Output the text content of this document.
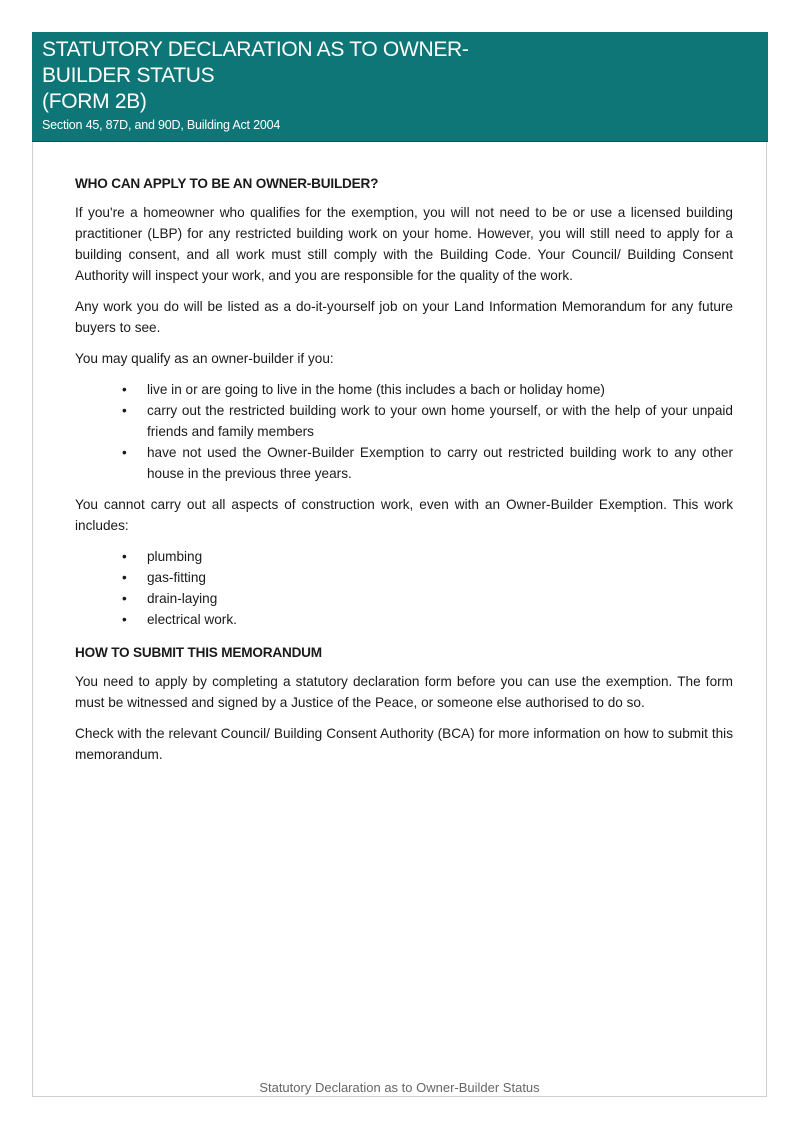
STATUTORY DECLARATION AS TO OWNER-
BUILDER STATUS
(FORM 2B)
Section 45, 87D, and 90D, Building Act 2004
WHO CAN APPLY TO BE AN OWNER-BUILDER?

If you're a homeowner who qualifies for the exemption, you will not need to be or use a licensed building practitioner (LBP) for any restricted building work on your home. However, you will still need to apply for a building consent, and all work must still comply with the Building Code. Your Council/ Building Consent Authority will inspect your work, and you are responsible for the quality of the work.

Any work you do will be listed as a do-it-yourself job on your Land Information Memorandum for any future buyers to see.

You may qualify as an owner-builder if you:

• live in or are going to live in the home (this includes a bach or holiday home)
• carry out the restricted building work to your own home yourself, or with the help of your unpaid friends and family members
• have not used the Owner-Builder Exemption to carry out restricted building work to any other house in the previous three years.

You cannot carry out all aspects of construction work, even with an Owner-Builder Exemption. This work includes:

• plumbing
• gas-fitting
• drain-laying
• electrical work.
HOW TO SUBMIT THIS MEMORANDUM

You need to apply by completing a statutory declaration form before you can use the exemption. The form must be witnessed and signed by a Justice of the Peace, or someone else authorised to do so.

Check with the relevant Council/ Building Consent Authority (BCA) for more information on how to submit this memorandum.

Statutory Declaration as to Owner-Builder Status
